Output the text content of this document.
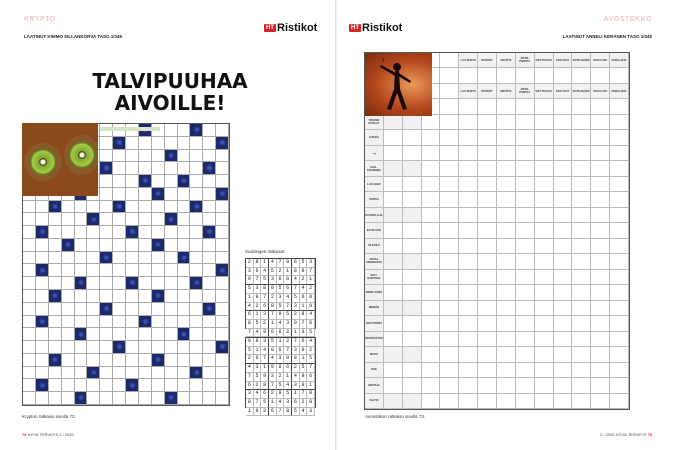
KRYPTO
LAATINUT KIMMO SILLANKORVA TASO 1/345
HT Ristikot
TALVIPUUHAA
AIVOILLE!
Sudokujen ratkaisut
2 8 1 4 7 9 6 5 3
3 6 4 5 2 1 8 9 7
9 7 5 3 6 8 4 2 1
5 3 8 9 5 6 7 4 2
1 9 7 2 3 4 5 6 8
4 2 6 8 5 7 3 1 9
6 1 3 7 9 5 2 8 4
8 5 2 1 4 3 9 7 6
7 4 9 6 8 2 1 3 5
9 8 3 5 1 2 7 6 4
5 1 4 8 6 7 3 9 2
2 6 7 4 3 9 8 1 5
4 3 1 9 8 6 2 5 7
7 5 9 3 2 1 4 8 6
6 2 8 7 5 4 3 9 1
3 4 6 2 9 5 1 7 8
8 7 5 1 4 3 6 2 9
1 9 2 6 7 8 5 4 3
Krypton ratkaisu sivulla 73.
78 HYVÄ TERVEYS 2 / 2020
HT Ristikot
AVOSTEKKO
LAATINUT ANNELI KERÄNEN TASO 1/345
Avoristikon ratkaisu sivulla 73.
2 / 2020 HYVÄ TERVEYS 79
LAU-SUNTO	MYÖDÖT	ORVITTA	ÄITEN-PARISTA	VIST-TIIVAAS	KAR-VAAT	KOTO-NAISIA	OSKU-LITE	POIKA-AITA
LAU-SUNTO	MYÖDÖT	ORVITTA	ÄITEN-PARISTA	VIST-TIIVAAS	KAR-VAAT	KOTO-NAISIA	OSKU-LITE	POIKA-AITA
TORVEN KAISLAT
FUKSIA
→
KAIL-TAHINOMA
LAS-SIAMI
SOPIVA
KUUNTE-LIJA
ELVIS-SON
VILKUILU
ANTAA ASENNUSTA
SIVU-KARTANO
NÄRIS-TÄMÄ
HIEMAN
HOLTITONTA
OSTOPÄÄTÖS
ROOLI
ITSE
JOHTAJA
VALTIO
♪
